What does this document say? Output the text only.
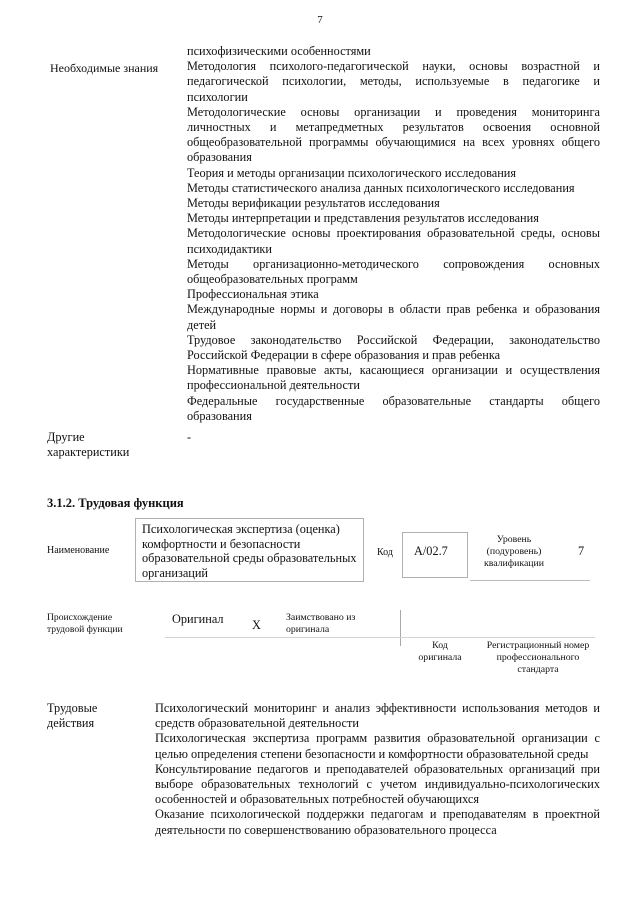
7
Необходимые знания

психофизическими особенностями

Методология психолого-педагогической науки, основы возрастной и педагогической психологии, методы, используемые в педагогике и психологии

Методологические основы организации и проведения мониторинга личностных и метапредметных результатов освоения основной общеобразовательной программы обучающимися на всех уровнях общего образования

Теория и методы организации психологического исследования

Методы статистического анализа данных психологического исследования

Методы верификации результатов исследования

Методы интерпретации и представления результатов исследования

Методологические основы проектирования образовательной среды, основы психодидактики

Методы организационно-методического сопровождения основных общеобразовательных программ

Профессиональная этика

Международные нормы и договоры в области прав ребенка и образования детей

Трудовое законодательство Российской Федерации, законодательство Российской Федерации в сфере образования и прав ребенка

Нормативные правовые акты, касающиеся организации и осуществления профессиональной деятельности

Федеральные государственные образовательные стандарты общего образования

Другие
характеристики
-
3.1.2. Трудовая функция
Наименование
Психологическая экспертиза (оценка) комфортности и безопасности образовательной среды образовательных организаций
Код	A/02.7
Уровень
(подуровень)
квалификации
7
Происхождение
трудовой функции
Оригинал X
Заимствовано из
оригинала
Код
оригинала
Регистрационный номер
профессионального
стандарта
Трудовые
действия

Психологический мониторинг и анализ эффективности использования методов и средств образовательной деятельности

Психологическая экспертиза программ развития образовательной организации с целью определения степени безопасности и комфортности образовательной среды

Консультирование педагогов и преподавателей образовательных организаций при выборе образовательных технологий с учетом индивидуально-психологических особенностей и образовательных потребностей обучающихся

Оказание психологической поддержки педагогам и преподавателям в проектной деятельности по совершенствованию образовательного процесса
